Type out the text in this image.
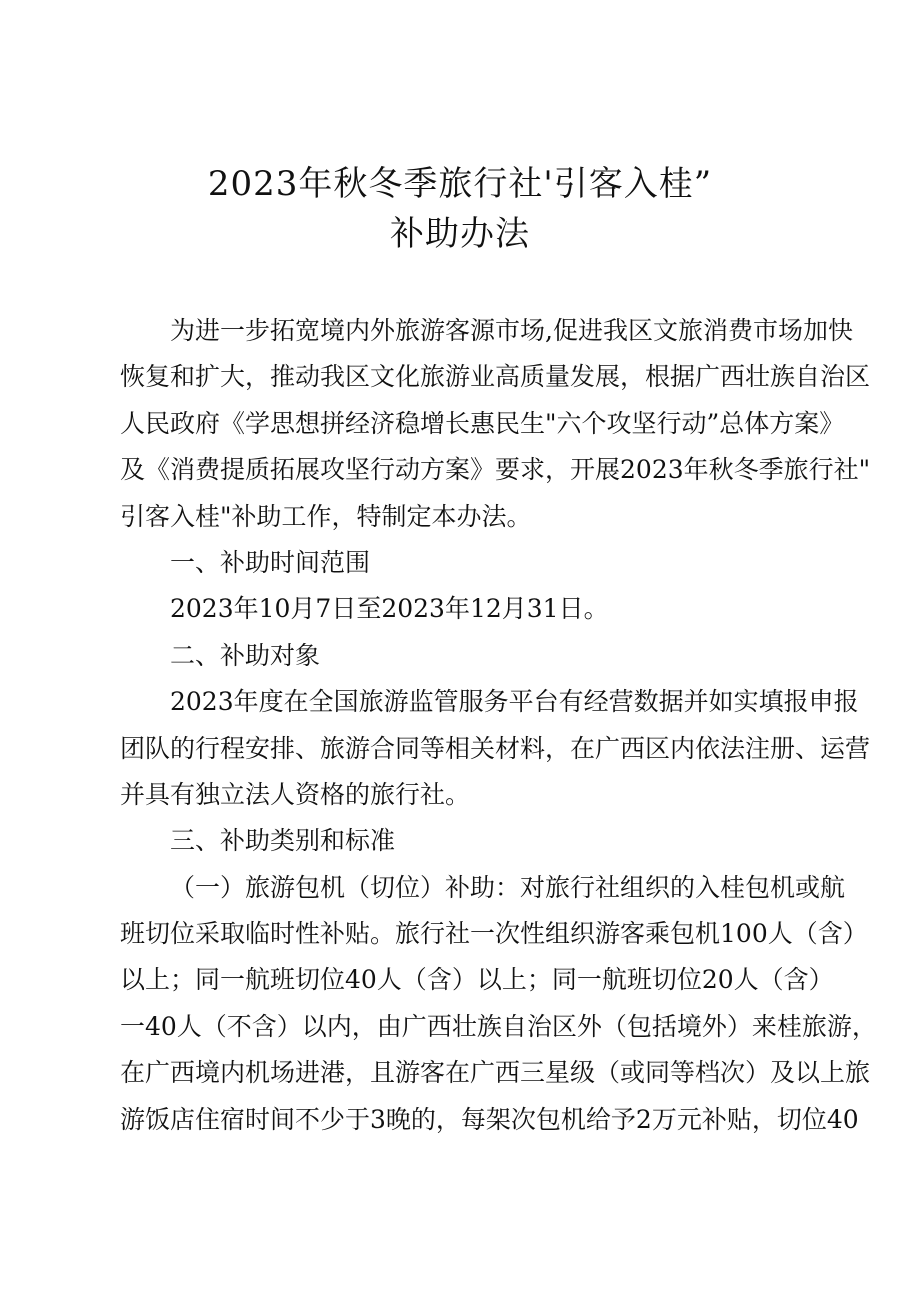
2023年秋冬季旅行社'引客入桂”
补助办法
为进一步拓宽境内外旅游客源市场,促进我区文旅消费市场加快
恢复和扩大，推动我区文化旅游业高质量发展，根据广西壮族自治区
人民政府《学思想拼经济稳增长惠民生"六个攻坚行动”总体方案》
及《消费提质拓展攻坚行动方案》要求，开展2023年秋冬季旅行社"
引客入桂"补助工作，特制定本办法。
一、补助时间范围
2023年10月7日至2023年12月31日。
二、补助对象
2023年度在全国旅游监管服务平台有经营数据并如实填报申报
团队的行程安排、旅游合同等相关材料，在广西区内依法注册、运营
并具有独立法人资格的旅行社。
三、补助类别和标准
（一）旅游包机（切位）补助：对旅行社组织的入桂包机或航
班切位采取临时性补贴。旅行社一次性组织游客乘包机100人（含）
以上；同一航班切位40人（含）以上；同一航班切位20人（含）
一40人（不含）以内，由广西壮族自治区外（包括境外）来桂旅游，
在广西境内机场进港，且游客在广西三星级（或同等档次）及以上旅
游饭店住宿时间不少于3晚的，每架次包机给予2万元补贴，切位40
